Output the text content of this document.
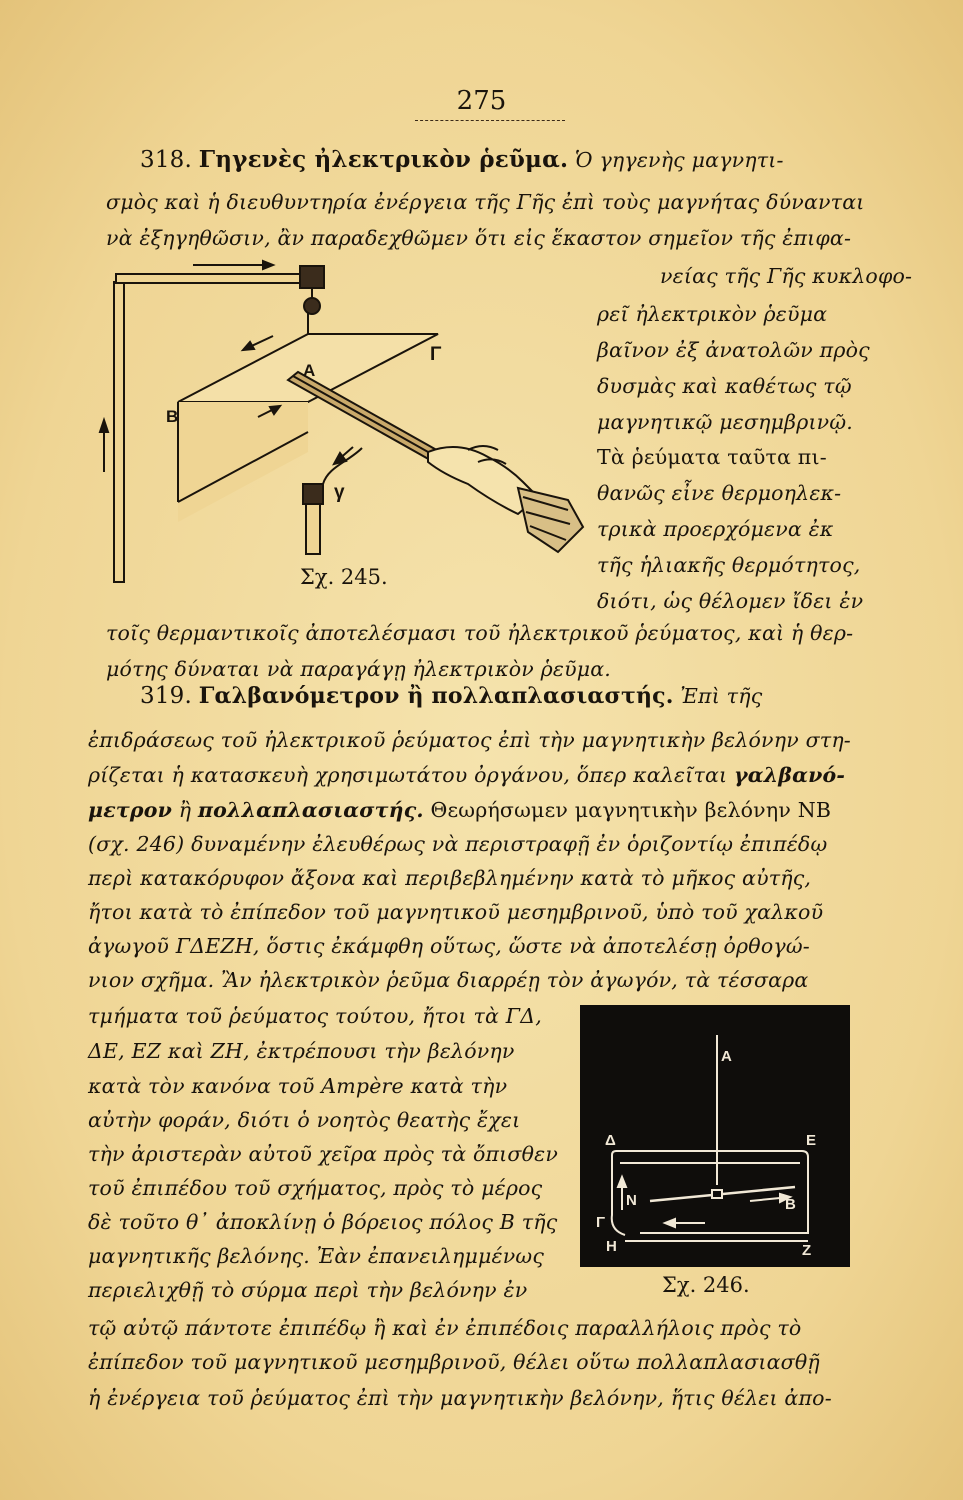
275
318. Γηγενὲς ἠλεκτρικὸν ῥεῦμα. Ὁ γηγενὴς μαγνητι-
σμὸς καὶ ἡ διευθυντηρία ἐνέργεια τῆς Γῆς ἐπὶ τοὺς μαγνήτας δύνανται
νὰ ἐξηγηθῶσιν, ἂν παραδεχθῶμεν ὅτι εἰς ἕκαστον σημεῖον τῆς ἐπιφα-
νείας τῆς Γῆς κυκλοφο-
ρεῖ ἠλεκτρικὸν ῥεῦμα
βαῖνον ἐξ ἀνατολῶν πρὸς
δυσμὰς καὶ καθέτως τῷ
μαγνητικῷ μεσημβρινῷ.
Τὰ ῥεύματα ταῦτα πι-
θανῶς εἶνε θερμοηλεκ-
τρικὰ προερχόμενα ἐκ
τῆς ἡλιακῆς θερμότητος,
διότι, ὡς θέλομεν ἴδει ἐν
τοῖς θερμαντικοῖς ἀποτελέσμασι τοῦ ἠλεκτρικοῦ ῥεύματος, καὶ ἡ θερ-
μότης δύναται νὰ παραγάγῃ ἠλεκτρικὸν ῥεῦμα.
A
B
Γ
γ
Σχ. 245.
319. Γαλβανόμετρον ἢ πολλαπλασιαστής. Ἐπὶ τῆς
ἐπιδράσεως τοῦ ἠλεκτρικοῦ ῥεύματος ἐπὶ τὴν μαγνητικὴν βελόνην στη-
ρίζεται ἡ κατασκευὴ χρησιμωτάτου ὀργάνου, ὅπερ καλεῖται γαλβανό-
μετρον ἢ πολλαπλασιαστής. Θεωρήσωμεν μαγνητικὴν βελόνην ΝΒ
(σχ. 246) δυναμένην ἐλευθέρως νὰ περιστραφῇ ἐν ὁριζοντίῳ ἐπιπέδῳ
περὶ κατακόρυφον ἄξονα καὶ περιβεβλημένην κατὰ τὸ μῆκος αὐτῆς,
ἤτοι κατὰ τὸ ἐπίπεδον τοῦ μαγνητικοῦ μεσημβρινοῦ, ὑπὸ τοῦ χαλκοῦ
ἀγωγοῦ ΓΔΕΖΗ, ὅστις ἐκάμφθη οὕτως, ὥστε νὰ ἀποτελέσῃ ὀρθογώ-
νιον σχῆμα. Ἂν ἠλεκτρικὸν ῥεῦμα διαρρέῃ τὸν ἀγωγόν, τὰ τέσσαρα
τμήματα τοῦ ῥεύματος τούτου, ἤτοι τὰ ΓΔ,
ΔΕ, ΕΖ καὶ ΖΗ, ἐκτρέπουσι τὴν βελόνην
κατὰ τὸν κανόνα τοῦ Ampère κατὰ τὴν
αὐτὴν φοράν, διότι ὁ νοητὸς θεατὴς ἔχει
τὴν ἀριστερὰν αὐτοῦ χεῖρα πρὸς τὰ ὄπισθεν
τοῦ ἐπιπέδου τοῦ σχήματος, πρὸς τὸ μέρος
δὲ τοῦτο θ᾽ ἀποκλίνῃ ὁ βόρειος πόλος Β τῆς
μαγνητικῆς βελόνης. Ἐὰν ἐπανειλημμένως
περιελιχθῇ τὸ σύρμα περὶ τὴν βελόνην ἐν
τῷ αὐτῷ πάντοτε ἐπιπέδῳ ἢ καὶ ἐν ἐπιπέδοις παραλλήλοις πρὸς τὸ
ἐπίπεδον τοῦ μαγνητικοῦ μεσημβρινοῦ, θέλει οὕτω πολλαπλασιασθῇ
ἡ ἐνέργεια τοῦ ῥεύματος ἐπὶ τὴν μαγνητικὴν βελόνην, ἥτις θέλει ἀπο-
A
Δ	E
N	B
Γ
H	Z
Σχ. 246.
